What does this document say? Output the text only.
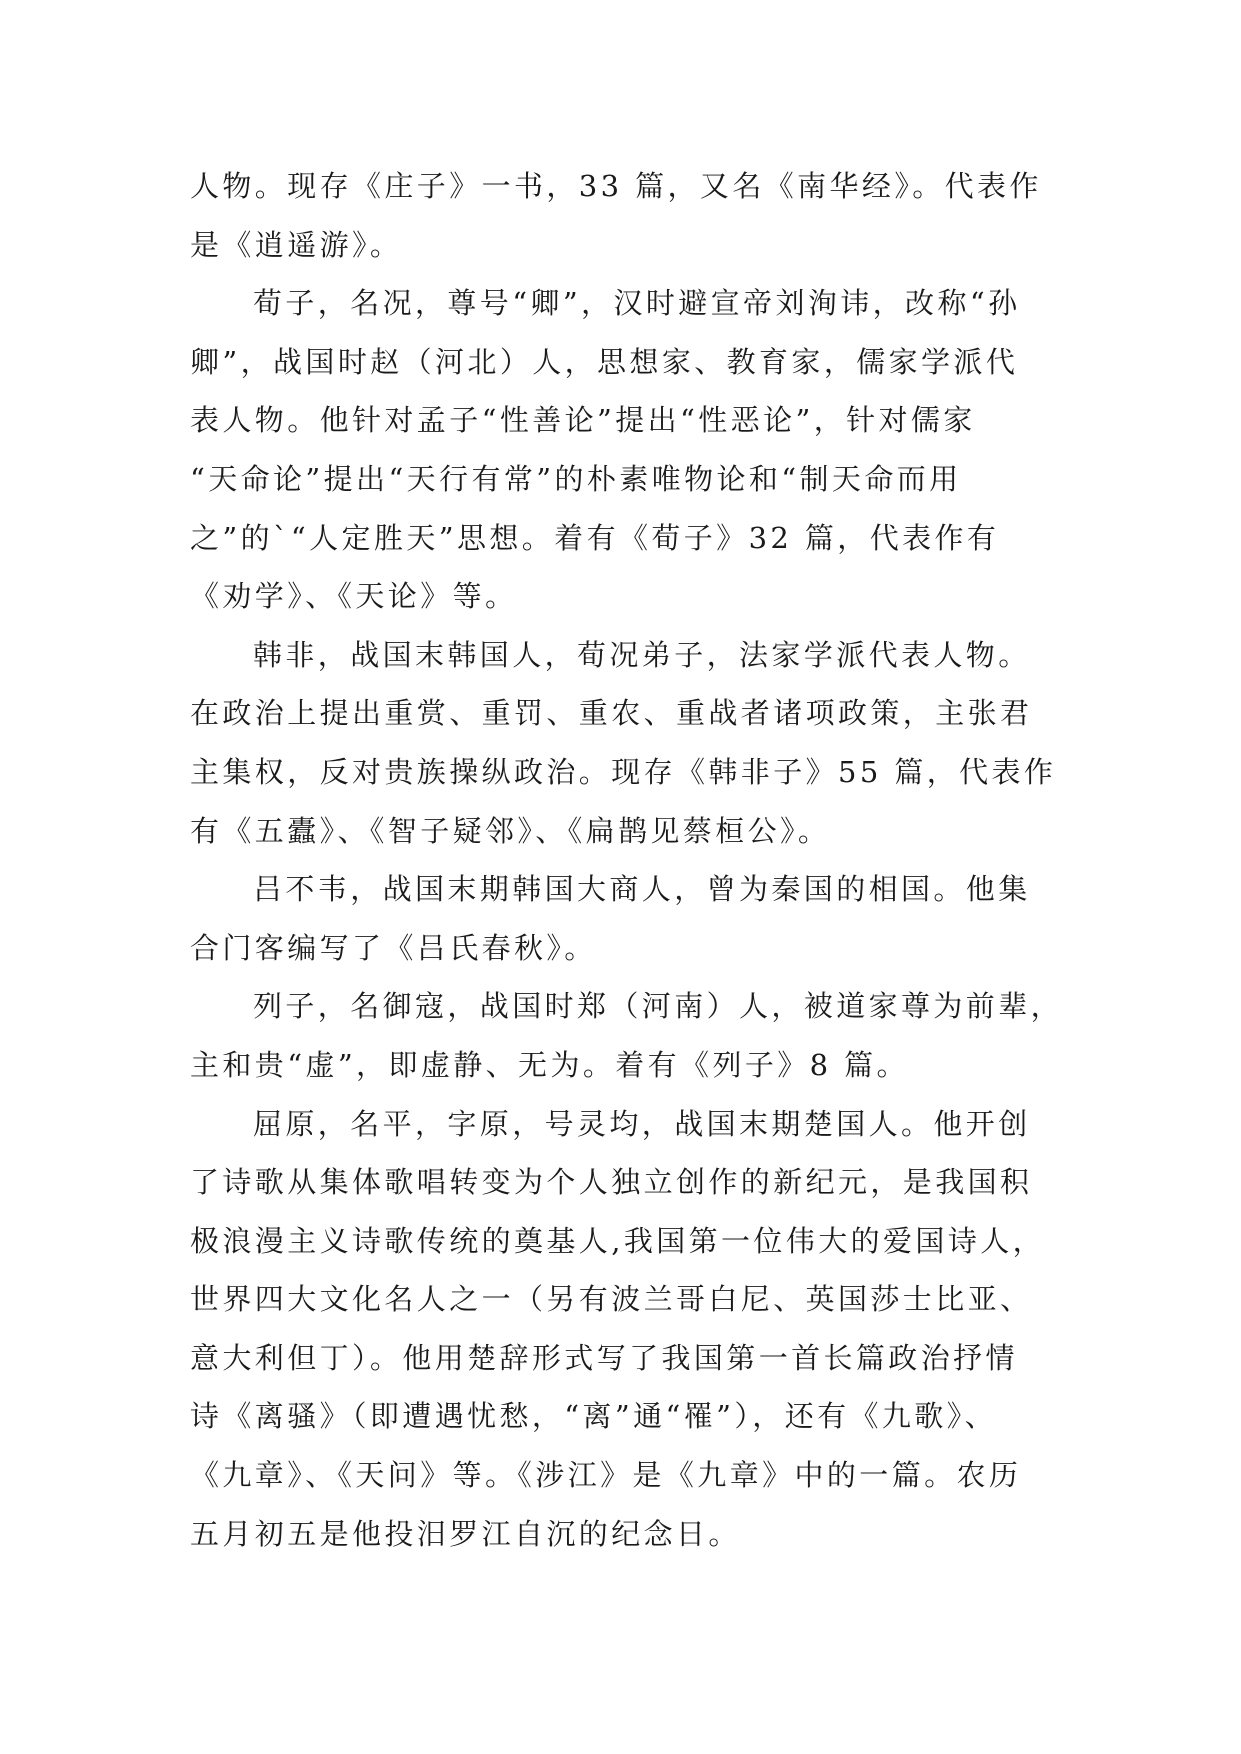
人物。现存《庄子》一书，33 篇，又名《南华经》。代表作
是《逍遥游》。
荀子，名况，尊号“卿”，汉时避宣帝刘洵讳，改称“孙
卿”，战国时赵（河北）人，思想家、教育家，儒家学派代
表人物。他针对孟子“性善论”提出“性恶论”，针对儒家
“天命论”提出“天行有常”的朴素唯物论和“制天命而用
之”的`“人定胜天”思想。着有《荀子》32 篇，代表作有
《劝学》、《天论》等。
韩非，战国末韩国人，荀况弟子，法家学派代表人物。
在政治上提出重赏、重罚、重农、重战者诸项政策，主张君
主集权，反对贵族操纵政治。现存《韩非子》55 篇，代表作
有《五蠹》、《智子疑邻》、《扁鹊见蔡桓公》。
吕不韦，战国末期韩国大商人，曾为秦国的相国。他集
合门客编写了《吕氏春秋》。
列子，名御寇，战国时郑（河南）人，被道家尊为前辈，
主和贵“虚”，即虚静、无为。着有《列子》8 篇。
屈原，名平，字原，号灵均，战国末期楚国人。他开创
了诗歌从集体歌唱转变为个人独立创作的新纪元，是我国积
极浪漫主义诗歌传统的奠基人,我国第一位伟大的爱国诗人，
世界四大文化名人之一（另有波兰哥白尼、英国莎士比亚、
意大利但丁）。他用楚辞形式写了我国第一首长篇政治抒情
诗《离骚》（即遭遇忧愁，“离”通“罹”），还有《九歌》、
《九章》、《天问》等。《涉江》是《九章》中的一篇。农历
五月初五是他投汨罗江自沉的纪念日。
